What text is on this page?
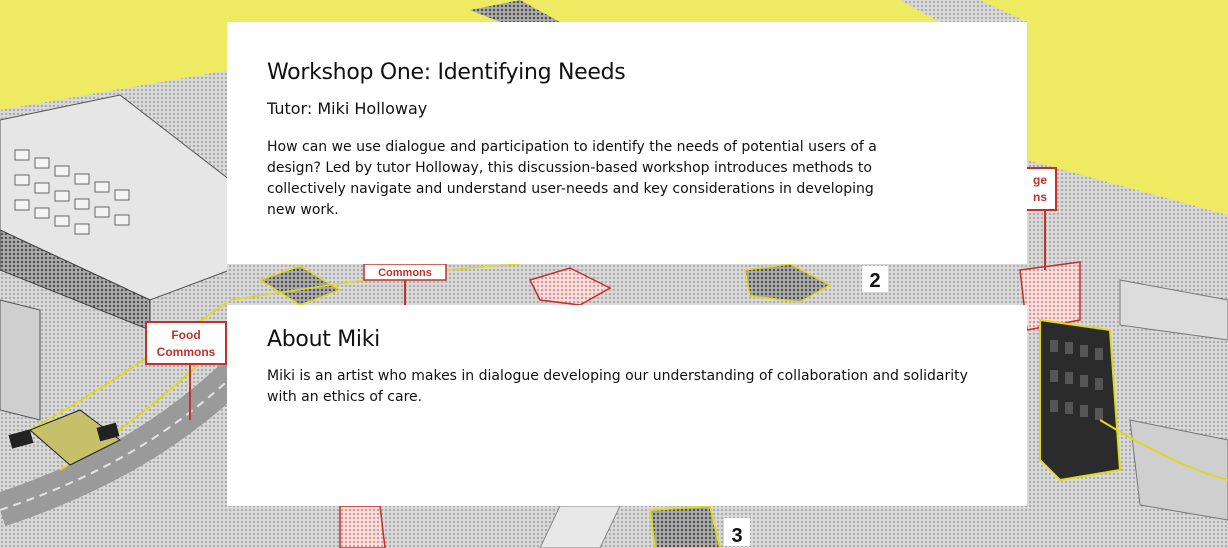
Food
Commons
Commons	2
ge
ns
3
Workshop One: Identifying Needs
Tutor: Miki Holloway

How can we use dialogue and participation to identify the needs of potential users of a design? Led by tutor Holloway, this discussion-based workshop introduces methods to collectively navigate and understand user-needs and key considerations in developing new work.

About Miki

Miki is an artist who makes in dialogue developing our understanding of collaboration and solidarity with an ethics of care.
